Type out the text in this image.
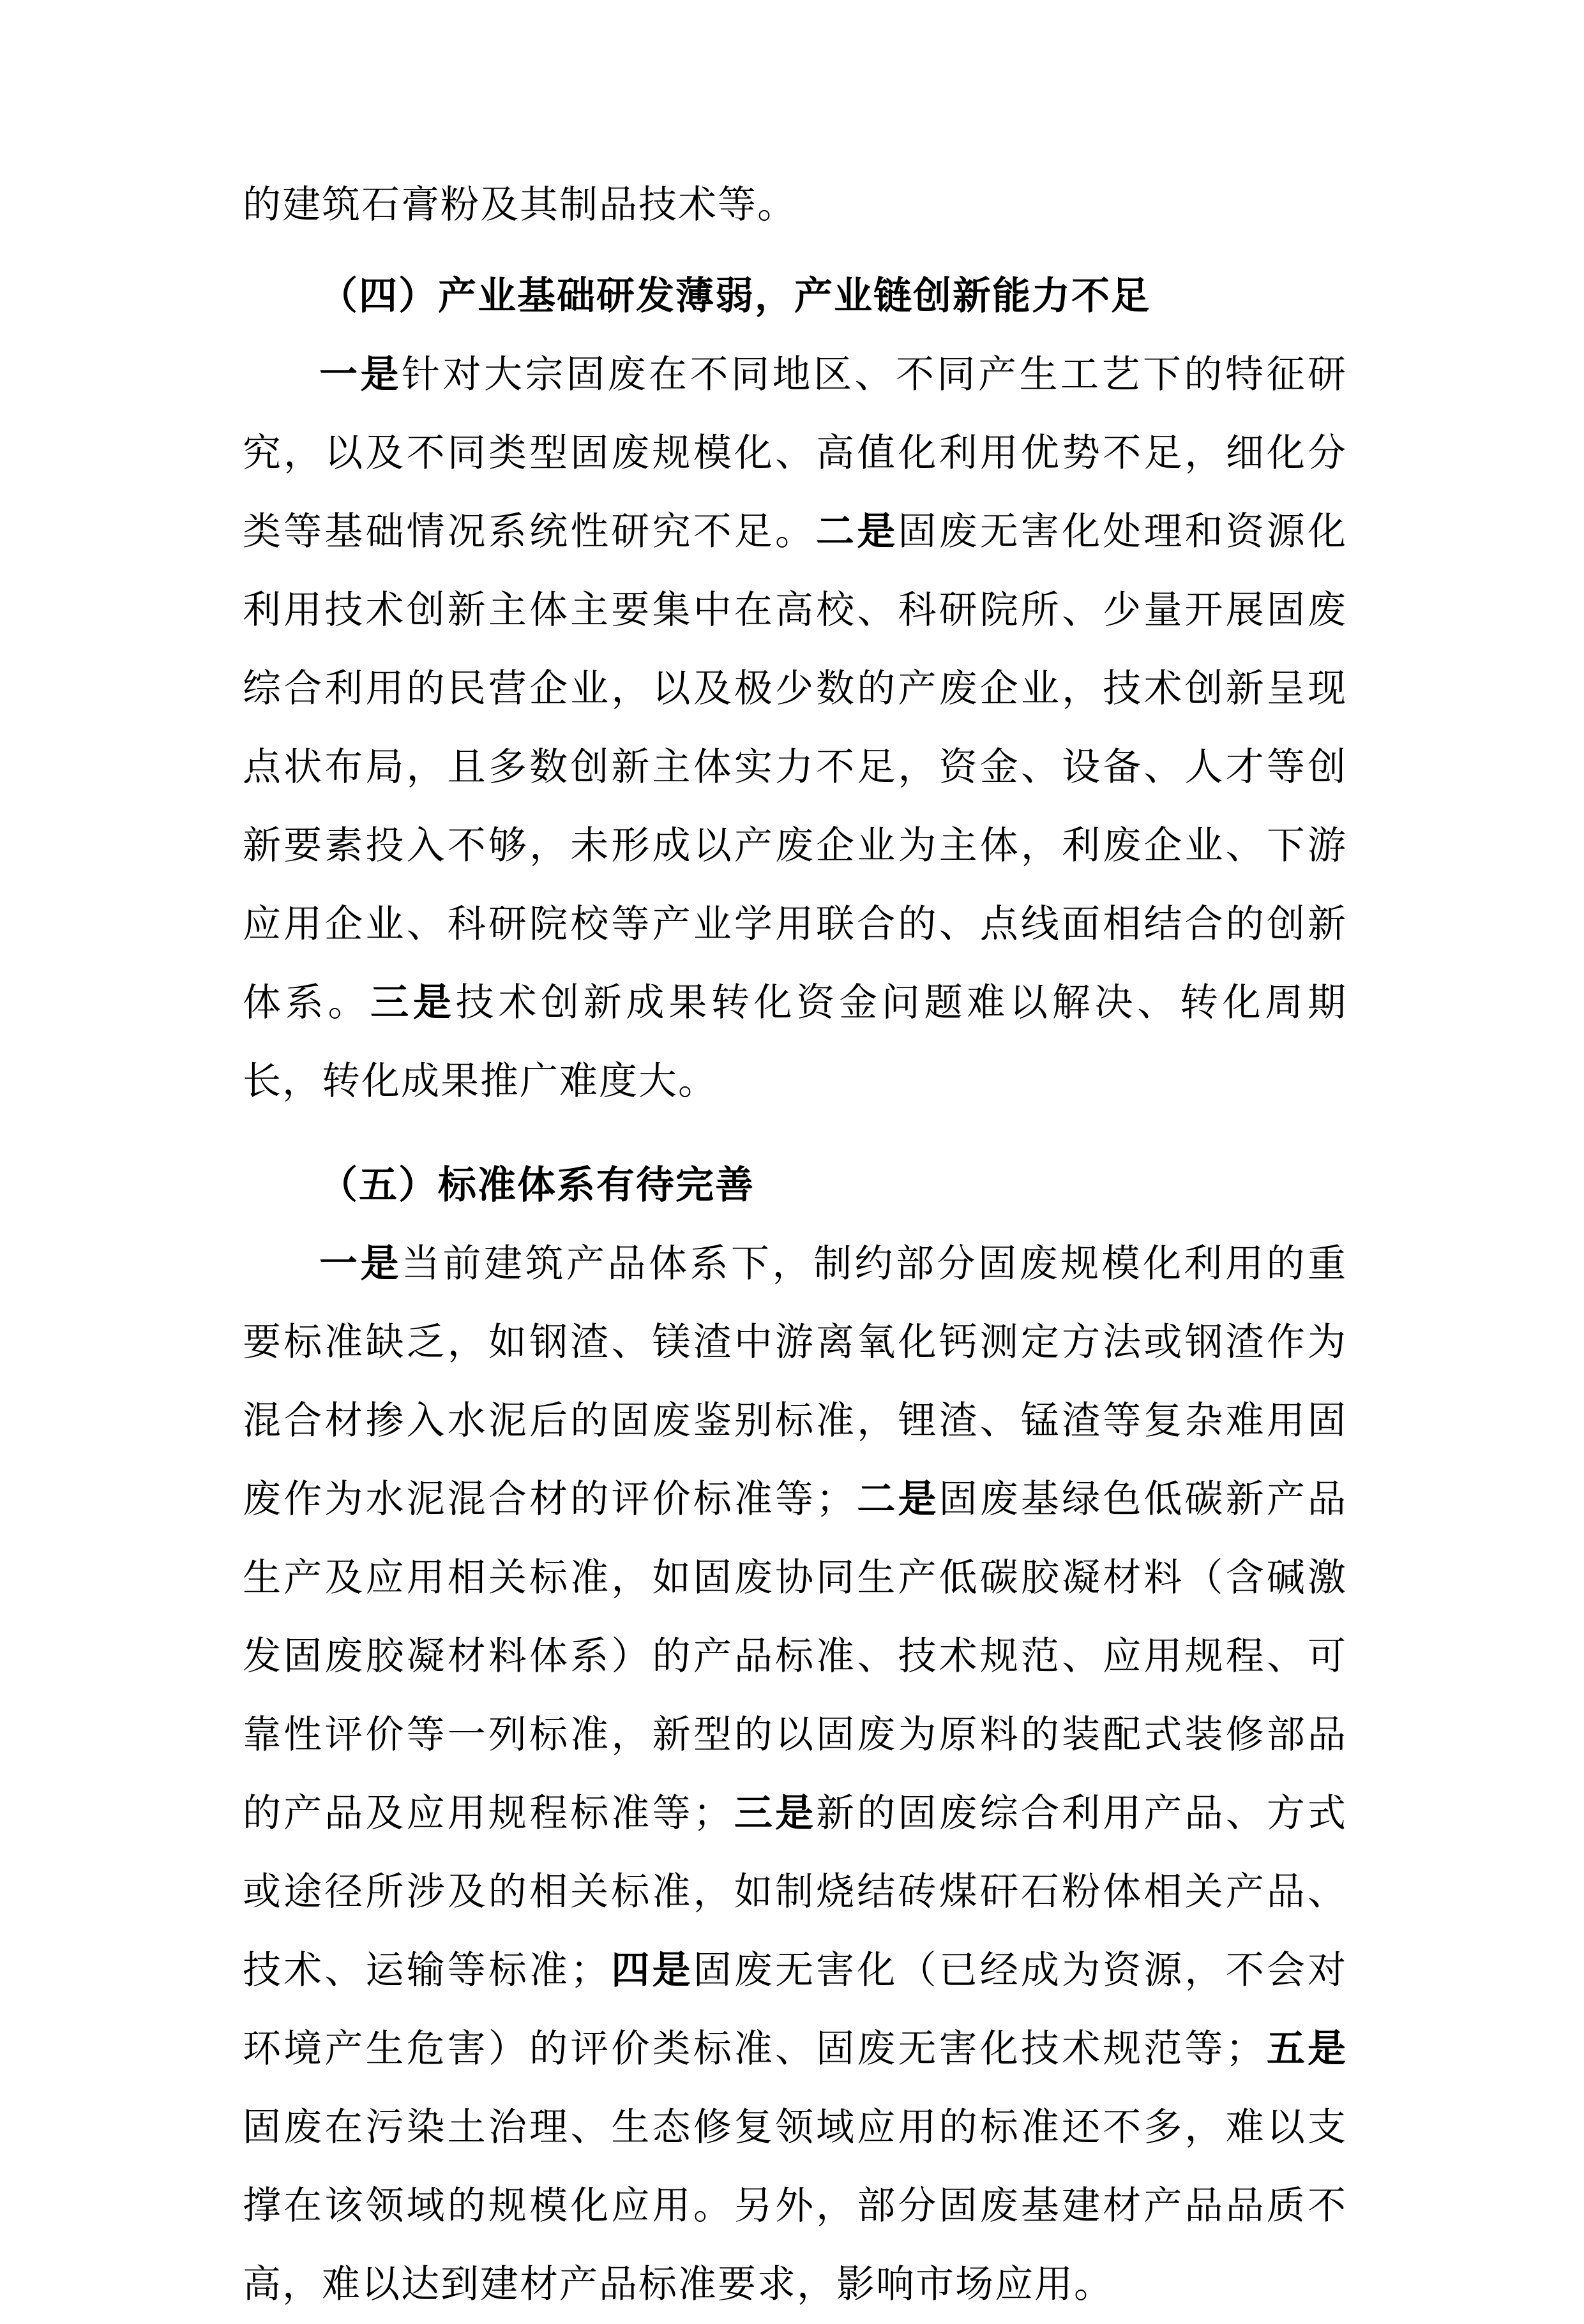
的建筑石膏粉及其制品技术等。

（四）产业基础研发薄弱，产业链创新能力不足

一是针对大宗固废在不同地区、不同产生工艺下的特征研究，以及不同类型固废规模化、高值化利用优势不足，细化分类等基础情况系统性研究不足。二是固废无害化处理和资源化利用技术创新主体主要集中在高校、科研院所、少量开展固废综合利用的民营企业，以及极少数的产废企业，技术创新呈现点状布局，且多数创新主体实力不足，资金、设备、人才等创新要素投入不够，未形成以产废企业为主体，利废企业、下游应用企业、科研院校等产业学用联合的、点线面相结合的创新体系。三是技术创新成果转化资金问题难以解决、转化周期长，转化成果推广难度大。

（五）标准体系有待完善

一是当前建筑产品体系下，制约部分固废规模化利用的重要标准缺乏，如钢渣、镁渣中游离氧化钙测定方法或钢渣作为混合材掺入水泥后的固废鉴别标准，锂渣、锰渣等复杂难用固废作为水泥混合材的评价标准等；二是固废基绿色低碳新产品生产及应用相关标准，如固废协同生产低碳胶凝材料（含碱激发固废胶凝材料体系）的产品标准、技术规范、应用规程、可靠性评价等一列标准，新型的以固废为原料的装配式装修部品的产品及应用规程标准等；三是新的固废综合利用产品、方式或途径所涉及的相关标准，如制烧结砖煤矸石粉体相关产品、技术、运输等标准；四是固废无害化（已经成为资源，不会对环境产生危害）的评价类标准、固废无害化技术规范等；五是固废在污染土治理、生态修复领域应用的标准还不多，难以支撑在该领域的规模化应用。另外，部分固废基建材产品品质不高，难以达到建材产品标准要求，影响市场应用。
